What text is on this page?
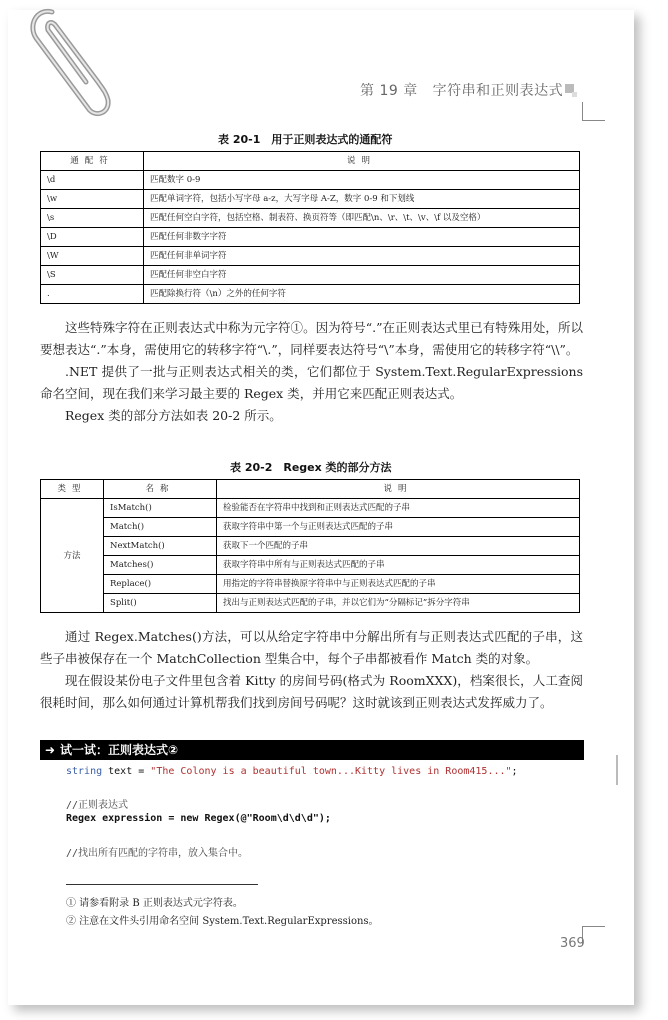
第 19 章 字符串和正则表达式
表 20-1　用于正则表达式的通配符
通配符	说明
\d	匹配数字 0-9
\w	匹配单词字符，包括小写字母 a-z，大写字母 A-Z，数字 0-9 和下划线
\s	匹配任何空白字符，包括空格、制表符、换页符等（即匹配\n、\r、\t、\v、\f 以及空格）
\D	匹配任何非数字字符
\W	匹配任何非单词字符
\S	匹配任何非空白字符
.	匹配除换行符（\n）之外的任何字符

这些特殊字符在正则表达式中称为元字符①。因为符号“.”在正则表达式里已有特殊用处，所以要想表达“.”本身，需使用它的转移字符“\.”，同样要表达符号“\”本身，需使用它的转移字符“\\”。

.NET 提供了一批与正则表达式相关的类，它们都位于 System.Text.RegularExpressions 命名空间，现在我们来学习最主要的 Regex 类，并用它来匹配正则表达式。

Regex 类的部分方法如表 20-2 所示。

表 20-2　Regex 类的部分方法
类型	名称	说明
方法	IsMatch()	检验能否在字符串中找到和正则表达式匹配的子串
	Match()	获取字符串中第一个与正则表达式匹配的子串
	NextMatch()	获取下一个匹配的子串
	Matches()	获取字符串中所有与正则表达式匹配的子串
	Replace()	用指定的字符串替换原字符串中与正则表达式匹配的子串
	Split()	找出与正则表达式匹配的子串，并以它们为“分隔标记”拆分字符串

通过 Regex.Matches()方法，可以从给定字符串中分解出所有与正则表达式匹配的子串，这些子串被保存在一个 MatchCollection 型集合中，每个子串都被看作 Match 类的对象。

现在假设某份电子文件里包含着 Kitty 的房间号码(格式为 RoomXXX)，档案很长，人工查阅很耗时间，那么如何通过计算机帮我们找到房间号码呢？这时就该到正则表达式发挥威力了。

➜ 试一试：正则表达式②
string text = "The Colony is a beautiful town...Kitty lives in Room415...";
//正则表达式
Regex expression = new Regex(@"Room\d\d\d");
//找出所有匹配的字符串，放入集合中。
① 请参看附录 B 正则表达式元字符表。
② 注意在文件头引用命名空间 System.Text.RegularExpressions。
369
